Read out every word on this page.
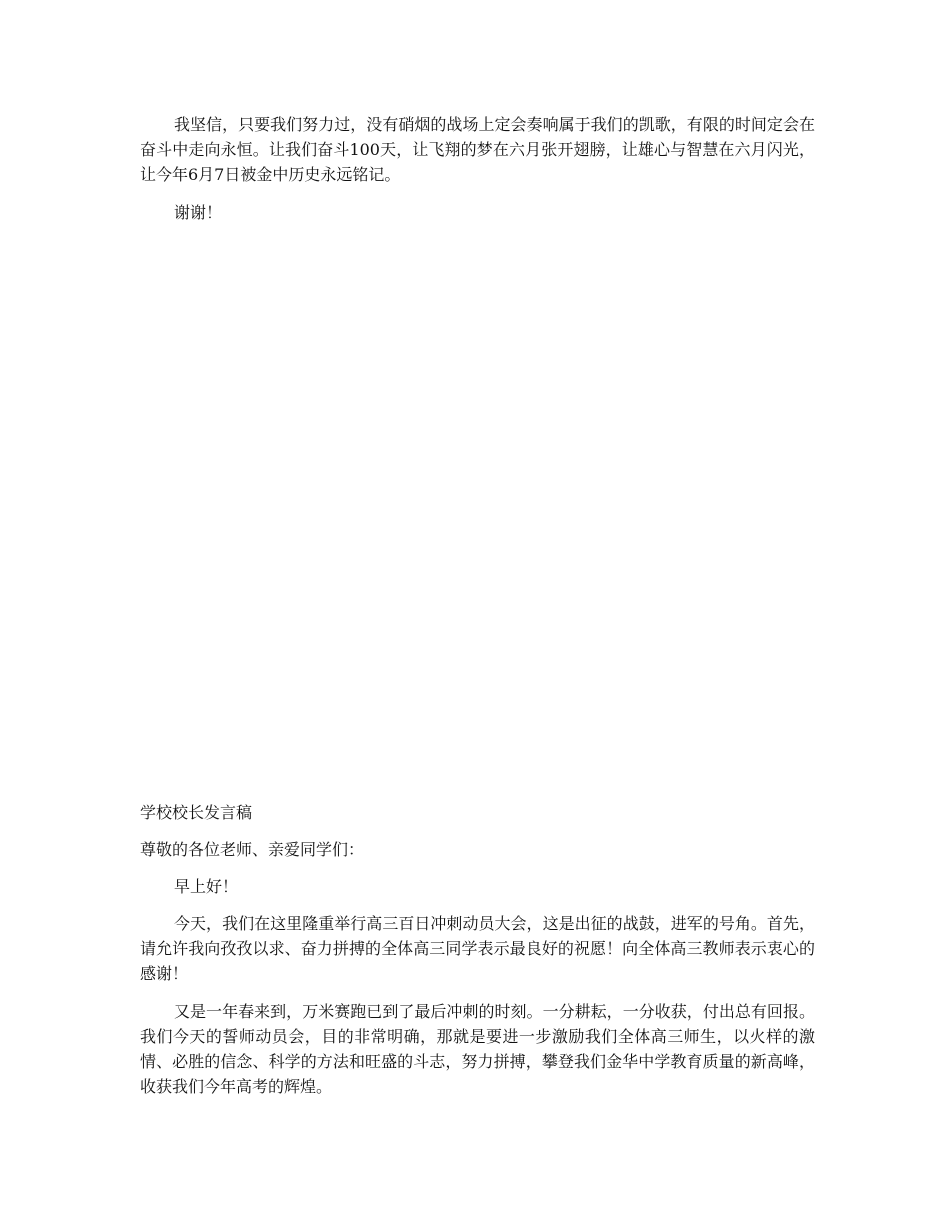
我坚信，只要我们努力过，没有硝烟的战场上定会奏响属于我们的凯歌，有限的时间定会在奋斗中走向永恒。让我们奋斗100天，让飞翔的梦在六月张开翅膀，让雄心与智慧在六月闪光，让今年6月7日被金中历史永远铭记。

谢谢！

学校校长发言稿

尊敬的各位老师、亲爱同学们：

早上好！

今天，我们在这里隆重举行高三百日冲刺动员大会，这是出征的战鼓，进军的号角。首先，请允许我向孜孜以求、奋力拼搏的全体高三同学表示最良好的祝愿！向全体高三教师表示衷心的感谢！

又是一年春来到，万米赛跑已到了最后冲刺的时刻。一分耕耘，一分收获，付出总有回报。我们今天的誓师动员会，目的非常明确，那就是要进一步激励我们全体高三师生，以火样的激情、必胜的信念、科学的方法和旺盛的斗志，努力拼搏，攀登我们金华中学教育质量的新高峰，收获我们今年高考的辉煌。
